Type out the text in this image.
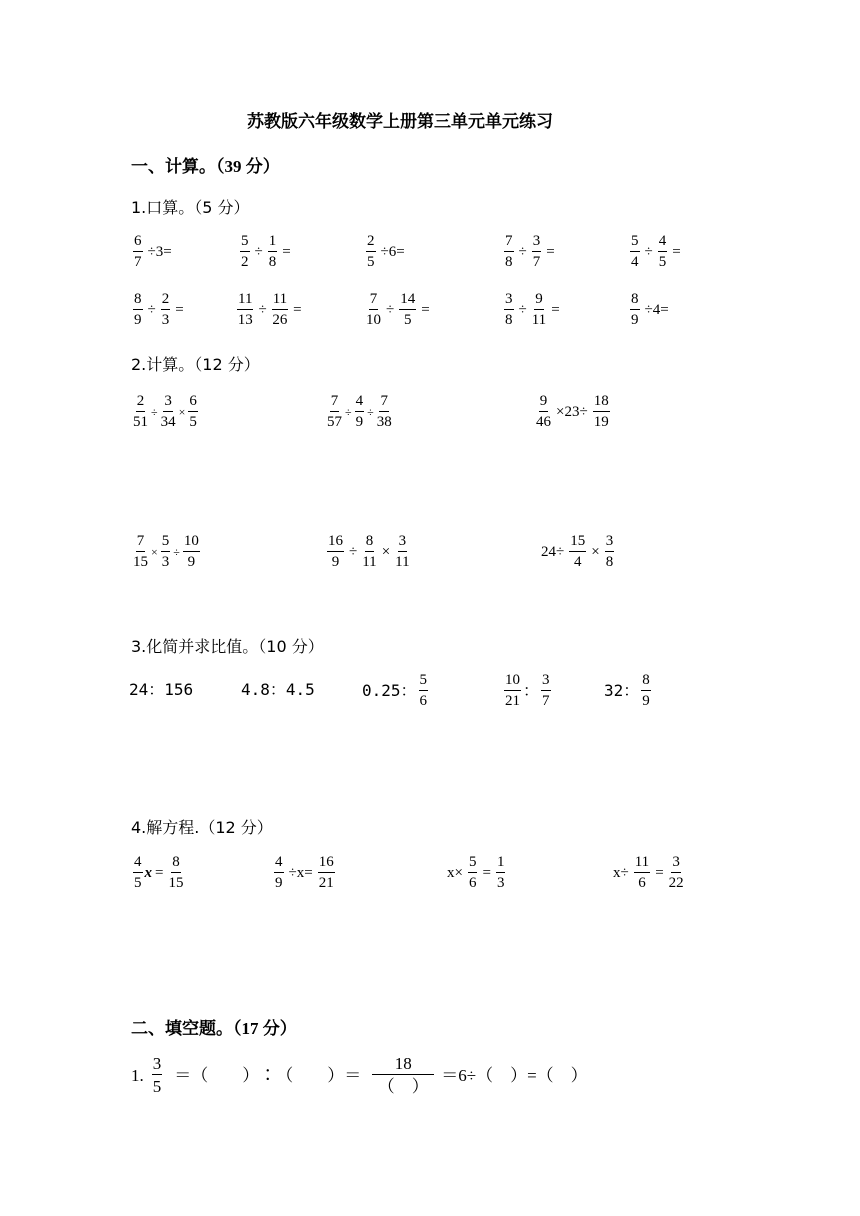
苏教版六年级数学上册第三单元单元练习
一、计算。（39 分）
1.口算。（5 分）
$\frac{6}{7} \div 3=$	$\frac{5}{2} \div \frac{1}{8}$ =	$\frac{2}{5} \div 6=$	$\frac{7}{8} \div \frac{3}{7}$ =	$\frac{5}{4} \div \frac{4}{5}$ =
$\frac{8}{9} \div \frac{2}{3}$ =	$\frac{11}{13} \div \frac{11}{26}$ =	$\frac{7}{10} \div \frac{14}{5}$ =	$\frac{3}{8} \div \frac{9}{11}$ =	$\frac{8}{9} \div 4=$
2.计算。（12 分）
$\frac{2}{51} \div \frac{3}{34} \times \frac{6}{5}$	$\frac{7}{57} \div \frac{4}{9} \div \frac{7}{38}$	$\frac{9}{46} \times 23\div \frac{18}{19}$
$\frac{7}{15} \times \frac{5}{3} \div \frac{10}{9}$	$\frac{16}{9} \div \frac{8}{11} \times \frac{3}{11}$	$24\div \frac{15}{4} \times \frac{3}{8}$
3.化简并求比值。（10 分）
24：156	4.8：4.5	0.25： $\frac{5}{6}$	$\frac{10}{21}$ ： $\frac{3}{7}$	32： $\frac{8}{9}$
4.解方程.（12 分）
$\frac{4}{5}$ $x = \frac{8}{15}$	$\frac{4}{9} \div x= \frac{16}{21}$	$x\times \frac{5}{6} = \frac{1}{3}$	$x\div \frac{11}{6} = \frac{3}{22}$
二、填空题。（17 分）
1. $\frac{3}{5}$ ＝（　　）∶（　　）＝
18
（　）
＝6÷（　）=（　）
